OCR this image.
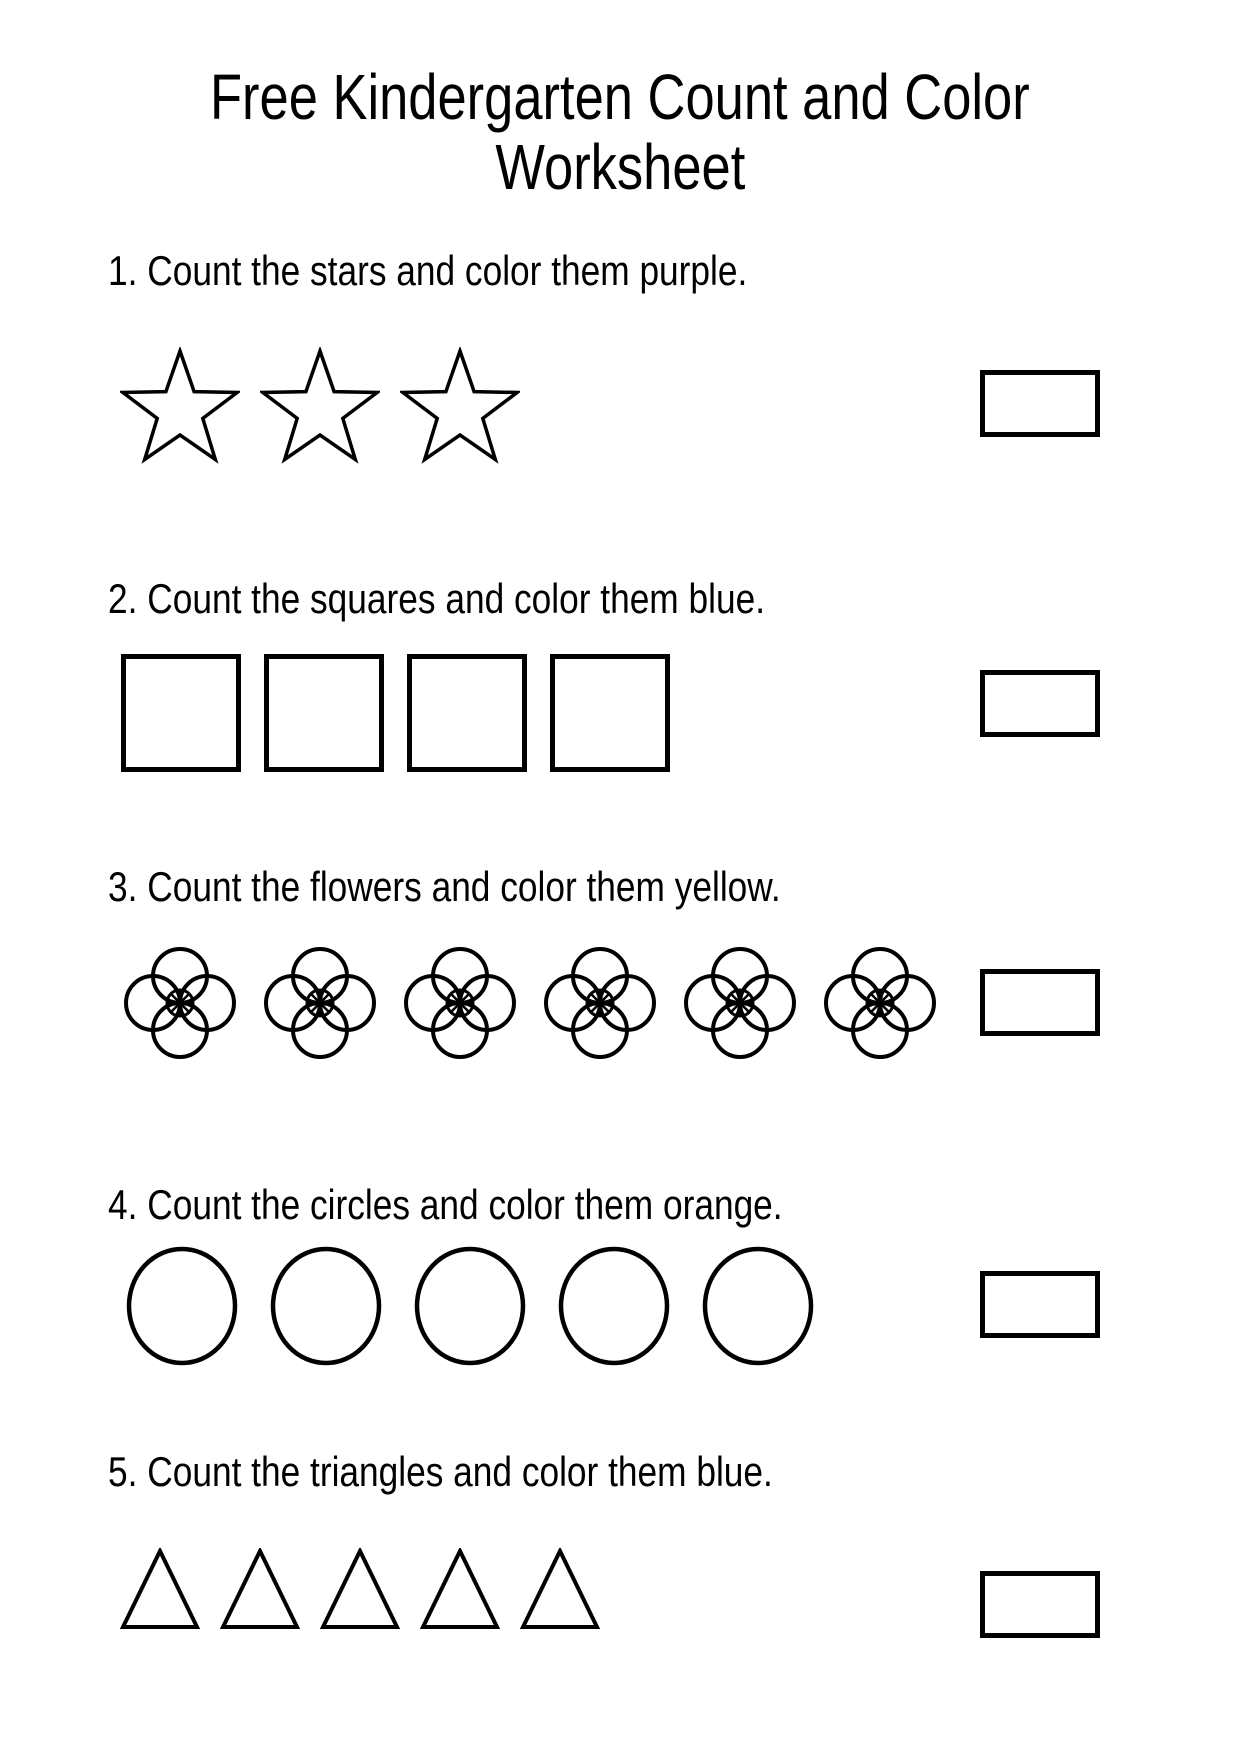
Free Kindergarten Count and Color
Worksheet

1. Count the stars and color them purple.

2. Count the squares and color them blue.

3. Count the flowers and color them yellow.

4. Count the circles and color them orange.

5. Count the triangles and color them blue.
